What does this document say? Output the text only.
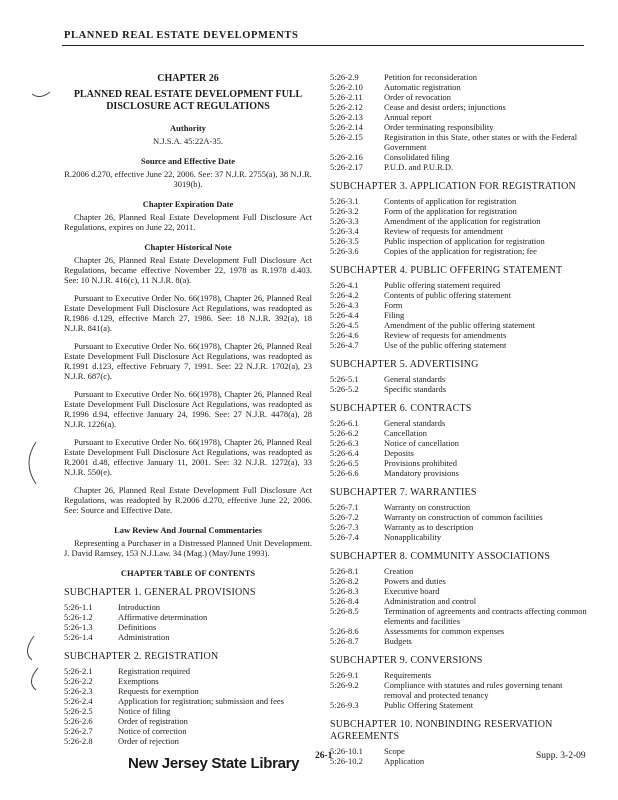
PLANNED REAL ESTATE DEVELOPMENTS
CHAPTER 26
PLANNED REAL ESTATE DEVELOPMENT FULL DISCLOSURE ACT REGULATIONS
Authority

N.J.S.A. 45:22A-35.

Source and Effective Date

R.2006 d.270, effective June 22, 2006. See: 37 N.J.R. 2755(a), 38 N.J.R. 3019(b).

Chapter Expiration Date

Chapter 26, Planned Real Estate Development Full Disclosure Act Regulations, expires on June 22, 2011.

Chapter Historical Note

Chapter 26, Planned Real Estate Development Full Disclosure Act Regulations, became effective November 22, 1978 as R.1978 d.403. See: 10 N.J.R. 416(c), 11 N.J.R. 8(a).

Pursuant to Executive Order No. 66(1978), Chapter 26, Planned Real Estate Development Full Disclosure Act Regulations, was readopted as R.1986 d.129, effective March 27, 1986. See: 18 N.J.R. 392(a), 18 N.J.R. 841(a).

Pursuant to Executive Order No. 66(1978), Chapter 26, Planned Real Estate Development Full Disclosure Act Regulations, was readopted as R.1991 d.123, effective February 7, 1991. See: 22 N.J.R. 1702(a), 23 N.J.R. 687(c).

Pursuant to Executive Order No. 66(1978), Chapter 26, Planned Real Estate Development Full Disclosure Act Regulations, was readopted as R.1996 d.94, effective January 24, 1996. See: 27 N.J.R. 4478(a), 28 N.J.R. 1226(a).

Pursuant to Executive Order No. 66(1978), Chapter 26, Planned Real Estate Development Full Disclosure Act Regulations, was readopted as R.2001 d.48, effective January 11, 2001. See: 32 N.J.R. 1272(a), 33 N.J.R. 550(e).

Chapter 26, Planned Real Estate Development Full Disclosure Act Regulations, was readopted by R.2006 d.270, effective June 22, 2006. See: Source and Effective Date.

Law Review And Journal Commentaries

Representing a Purchaser in a Distressed Planned Unit Development. J. David Ramsey, 153 N.J.Law. 34 (Mag.) (May/June 1993).

CHAPTER TABLE OF CONTENTS
SUBCHAPTER 1. GENERAL PROVISIONS
5:26-1.1	Introduction
5:26-1.2	Affirmative determination
5:26-1.3	Definitions
5:26-1.4	Administration
SUBCHAPTER 2. REGISTRATION
5:26-2.1	Registration required
5:26-2.2	Exemptions
5:26-2.3	Requests for exemption
5:26-2.4	Application for registration; submission and fees
5:26-2.5	Notice of filing
5:26-2.6	Order of registration
5:26-2.7	Notice of correction
5:26-2.8	Order of rejection
5:26-2.9	Petition for reconsideration
5:26-2.10	Automatic registration
5:26-2.11	Order of revocation
5:26-2.12	Cease and desist orders; injunctions
5:26-2.13	Annual report
5:26-2.14	Order terminating responsibility
5:26-2.15	Registration in this State, other states or with the Federal Government
5:26-2.16	Consolidated filing
5:26-2.17	P.U.D. and P.U.R.D.
SUBCHAPTER 3. APPLICATION FOR REGISTRATION
5:26-3.1	Contents of application for registration
5:26-3.2	Form of the application for registration
5:26-3.3	Amendment of the application for registration
5:26-3.4	Review of requests for amendment
5:26-3.5	Public inspection of application for registration
5:26-3.6	Copies of the application for registration; fee
SUBCHAPTER 4. PUBLIC OFFERING STATEMENT
5:26-4.1	Public offering statement required
5:26-4.2	Contents of public offering statement
5:26-4.3	Form
5:26-4.4	Filing
5:26-4.5	Amendment of the public offering statement
5:26-4.6	Review of requests for amendments
5:26-4.7	Use of the public offering statement
SUBCHAPTER 5. ADVERTISING
5:26-5.1	General standards
5:26-5.2	Specific standards
SUBCHAPTER 6. CONTRACTS
5:26-6.1	General standards
5:26-6.2	Cancellation
5:26-6.3	Notice of cancellation
5:26-6.4	Deposits
5:26-6.5	Provisions prohibited
5:26-6.6	Mandatory provisions
SUBCHAPTER 7. WARRANTIES
5:26-7.1	Warranty on construction
5:26-7.2	Warranty on construction of common facilities
5:26-7.3	Warranty as to description
5:26-7.4	Nonapplicability
SUBCHAPTER 8. COMMUNITY ASSOCIATIONS
5:26-8.1	Creation
5:26-8.2	Powers and duties
5:26-8.3	Executive board
5:26-8.4	Administration and control
5:26-8.5	Termination of agreements and contracts affecting common elements and facilities
5:26-8.6	Assessments for common expenses
5:26-8.7	Budgets
SUBCHAPTER 9. CONVERSIONS
5:26-9.1	Requirements
5:26-9.2	Compliance with statutes and rules governing tenant removal and protected tenancy
5:26-9.3	Public Offering Statement
SUBCHAPTER 10. NONBINDING RESERVATION AGREEMENTS
5:26-10.1	Scope
5:26-10.2	Application
New Jersey State Library 26-1	Supp. 3-2-09
